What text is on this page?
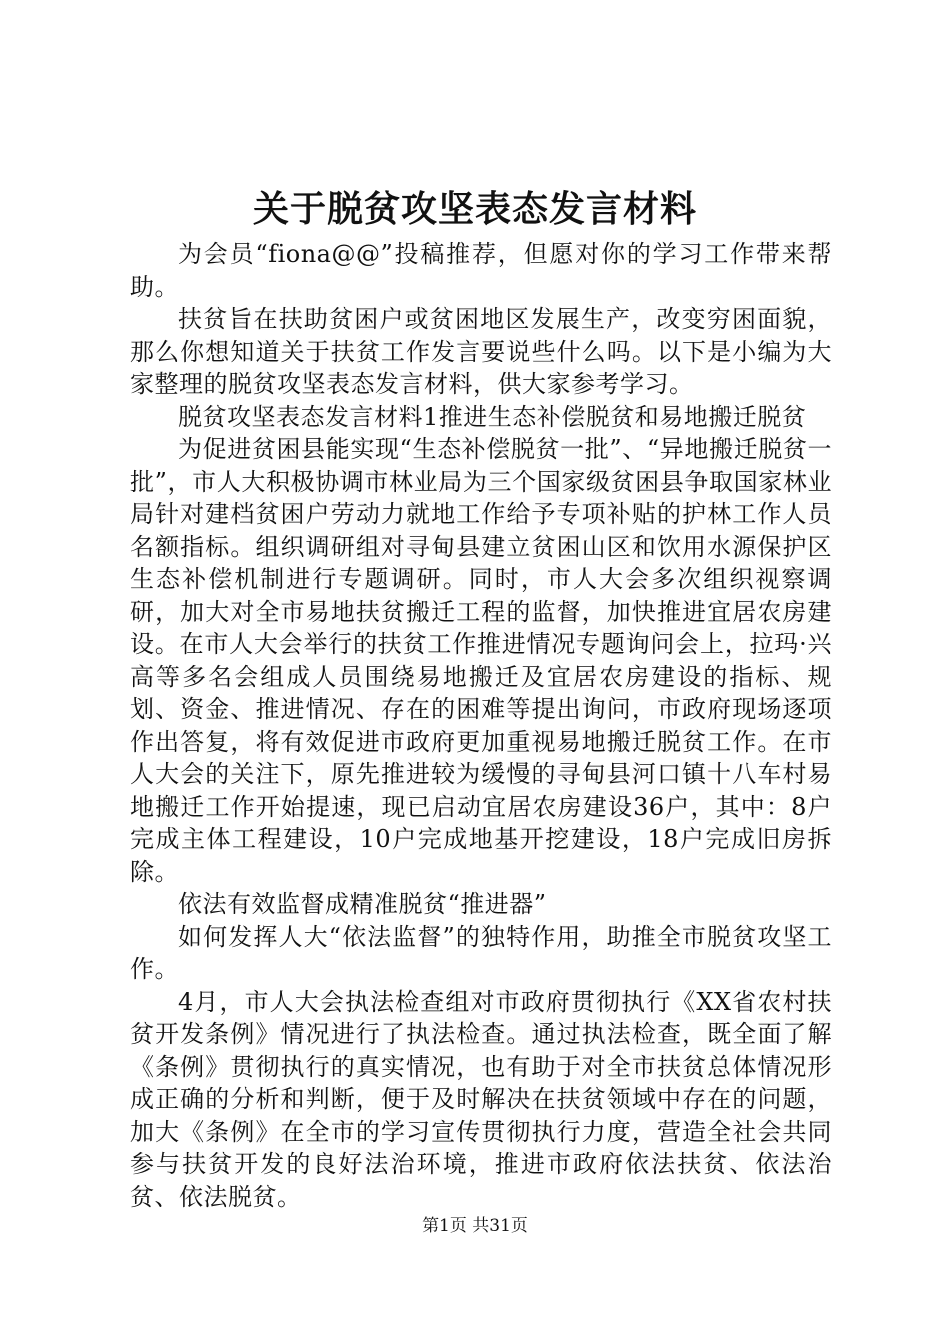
关于脱贫攻坚表态发言材料

为会员“fiona@@”投稿推荐，但愿对你的学习工作带来帮助。

扶贫旨在扶助贫困户或贫困地区发展生产，改变穷困面貌，那么你想知道关于扶贫工作发言要说些什么吗。以下是小编为大家整理的脱贫攻坚表态发言材料，供大家参考学习。

脱贫攻坚表态发言材料1推进生态补偿脱贫和易地搬迁脱贫

为促进贫困县能实现“生态补偿脱贫一批”、“异地搬迁脱贫一批”，市人大积极协调市林业局为三个国家级贫困县争取国家林业局针对建档贫困户劳动力就地工作给予专项补贴的护林工作人员名额指标。组织调研组对寻甸县建立贫困山区和饮用水源保护区生态补偿机制进行专题调研。同时，市人大会多次组织视察调研，加大对全市易地扶贫搬迁工程的监督，加快推进宜居农房建设。在市人大会举行的扶贫工作推进情况专题询问会上，拉玛·兴高等多名会组成人员围绕易地搬迁及宜居农房建设的指标、规划、资金、推进情况、存在的困难等提出询问，市政府现场逐项作出答复，将有效促进市政府更加重视易地搬迁脱贫工作。在市人大会的关注下，原先推进较为缓慢的寻甸县河口镇十八车村易地搬迁工作开始提速，现已启动宜居农房建设36户，其中：8户完成主体工程建设，10户完成地基开挖建设，18户完成旧房拆除。

依法有效监督成精准脱贫“推进器”

如何发挥人大“依法监督”的独特作用，助推全市脱贫攻坚工作。

4月，市人大会执法检查组对市政府贯彻执行《XX省农村扶贫开发条例》情况进行了执法检查。通过执法检查，既全面了解《条例》贯彻执行的真实情况，也有助于对全市扶贫总体情况形成正确的分析和判断，便于及时解决在扶贫领域中存在的问题，加大《条例》在全市的学习宣传贯彻执行力度，营造全社会共同参与扶贫开发的良好法治环境，推进市政府依法扶贫、依法治贫、依法脱贫。

第1页 共31页
